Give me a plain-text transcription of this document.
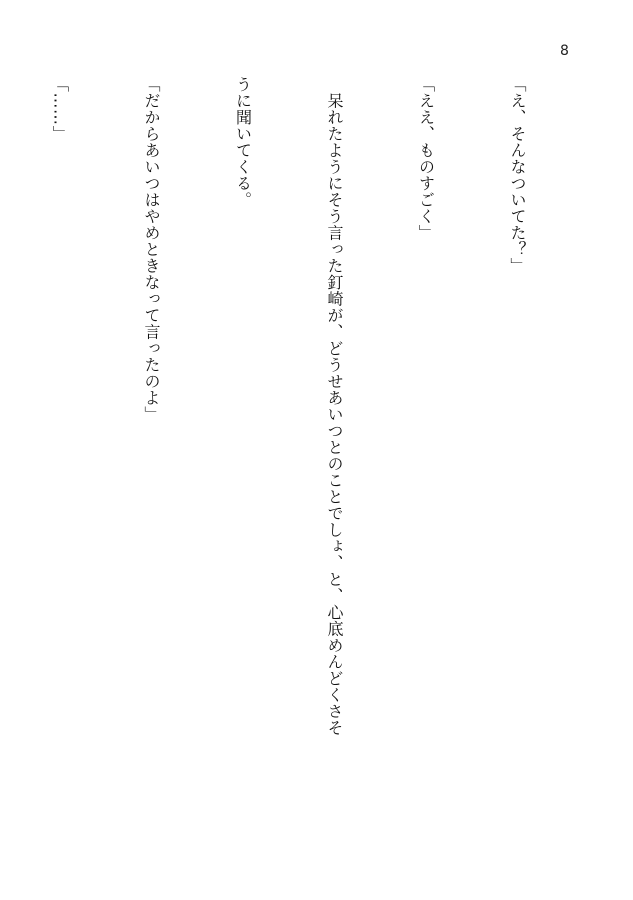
8

「え、そんなついてた？」

「ええ、ものすごく」

　呆れたようにそう言った釘崎が、どうせあいつとのことでしょ、と、心底めんどくさそ

うに聞いてくる。

「だからあいつはやめときなって言ったのよ」

「……」
